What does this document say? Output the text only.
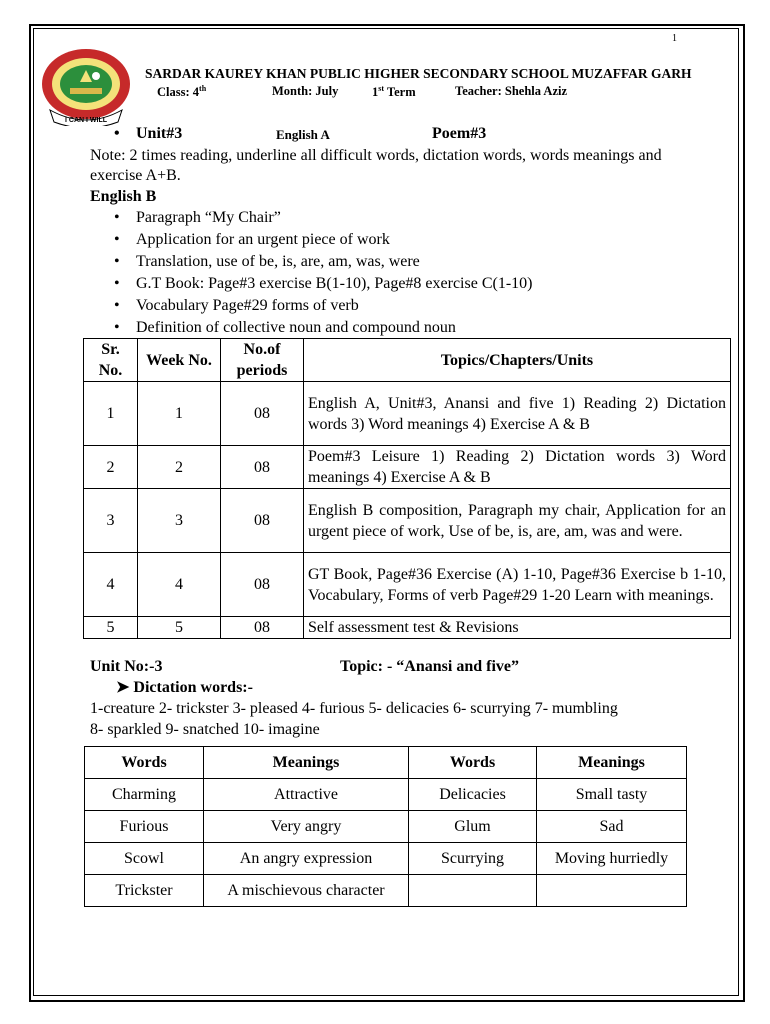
1
I CAN I WILL
SARDAR KAUREY KHAN PUBLIC HIGHER SECONDARY SCHOOL MUZAFFAR GARH
Class: 4th	Month: July	1st Term	Teacher: Shehla Aziz
• Unit#3	English A	Poem#3
Note: 2 times reading, underline all difficult words, dictation words, words meanings and
exercise A+B.
English B
• Paragraph “My Chair”
• Application for an urgent piece of work
• Translation, use of be, is, are, am, was, were
• G.T Book: Page#3 exercise B(1-10), Page#8 exercise C(1-10)
• Vocabulary Page#29 forms of verb
• Definition of collective noun and compound noun
Sr. No.	Week No.	No.of periods	Topics/Chapters/Units
1	1	08	English A, Unit#3, Anansi and five 1) Reading 2) Dictation words 3) Word meanings 4) Exercise A & B
2	2	08	Poem#3 Leisure 1) Reading 2) Dictation words 3) Word meanings 4) Exercise A & B
3	3	08	English B composition, Paragraph my chair, Application for an urgent piece of work, Use of be, is, are, am, was and were.
4	4	08	GT Book, Page#36 Exercise (A) 1-10, Page#36 Exercise b 1-10, Vocabulary, Forms of verb Page#29 1-20 Learn with meanings.
5	5	08	Self assessment test & Revisions
Unit No:-3	Topic: - “Anansi and five”
➤ Dictation words:-
1-creature 2- trickster 3- pleased 4- furious 5- delicacies 6- scurrying 7- mumbling
8- sparkled 9- snatched 10- imagine
Words	Meanings	Words	Meanings
Charming	Attractive	Delicacies	Small tasty
Furious	Very angry	Glum	Sad
Scowl	An angry expression	Scurrying	Moving hurriedly
Trickster	A mischievous character		
